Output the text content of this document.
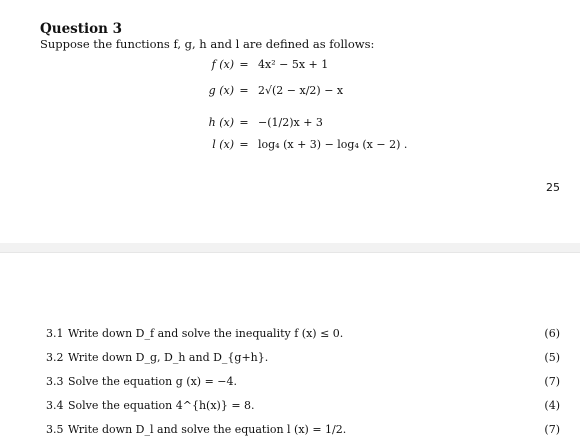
Question 3
Suppose the functions f, g, h and l are defined as follows:
f (x) = 4x² − 5x + 1
g (x) = 2√(2 − x/2) − x
h (x) = −(1/2)x + 3
l (x) = log₄ (x + 3) − log₄ (x − 2) .
25
3.1 Write down D_f and solve the inequality f (x) ≤ 0.	(6)
3.2 Write down D_g, D_h and D_{g+h}.	(5)
3.3 Solve the equation g (x) = −4.	(7)
3.4 Solve the equation 4^{h(x)} = 8.	(4)
3.5 Write down D_l and solve the equation l (x) = 1/2.	(7)
